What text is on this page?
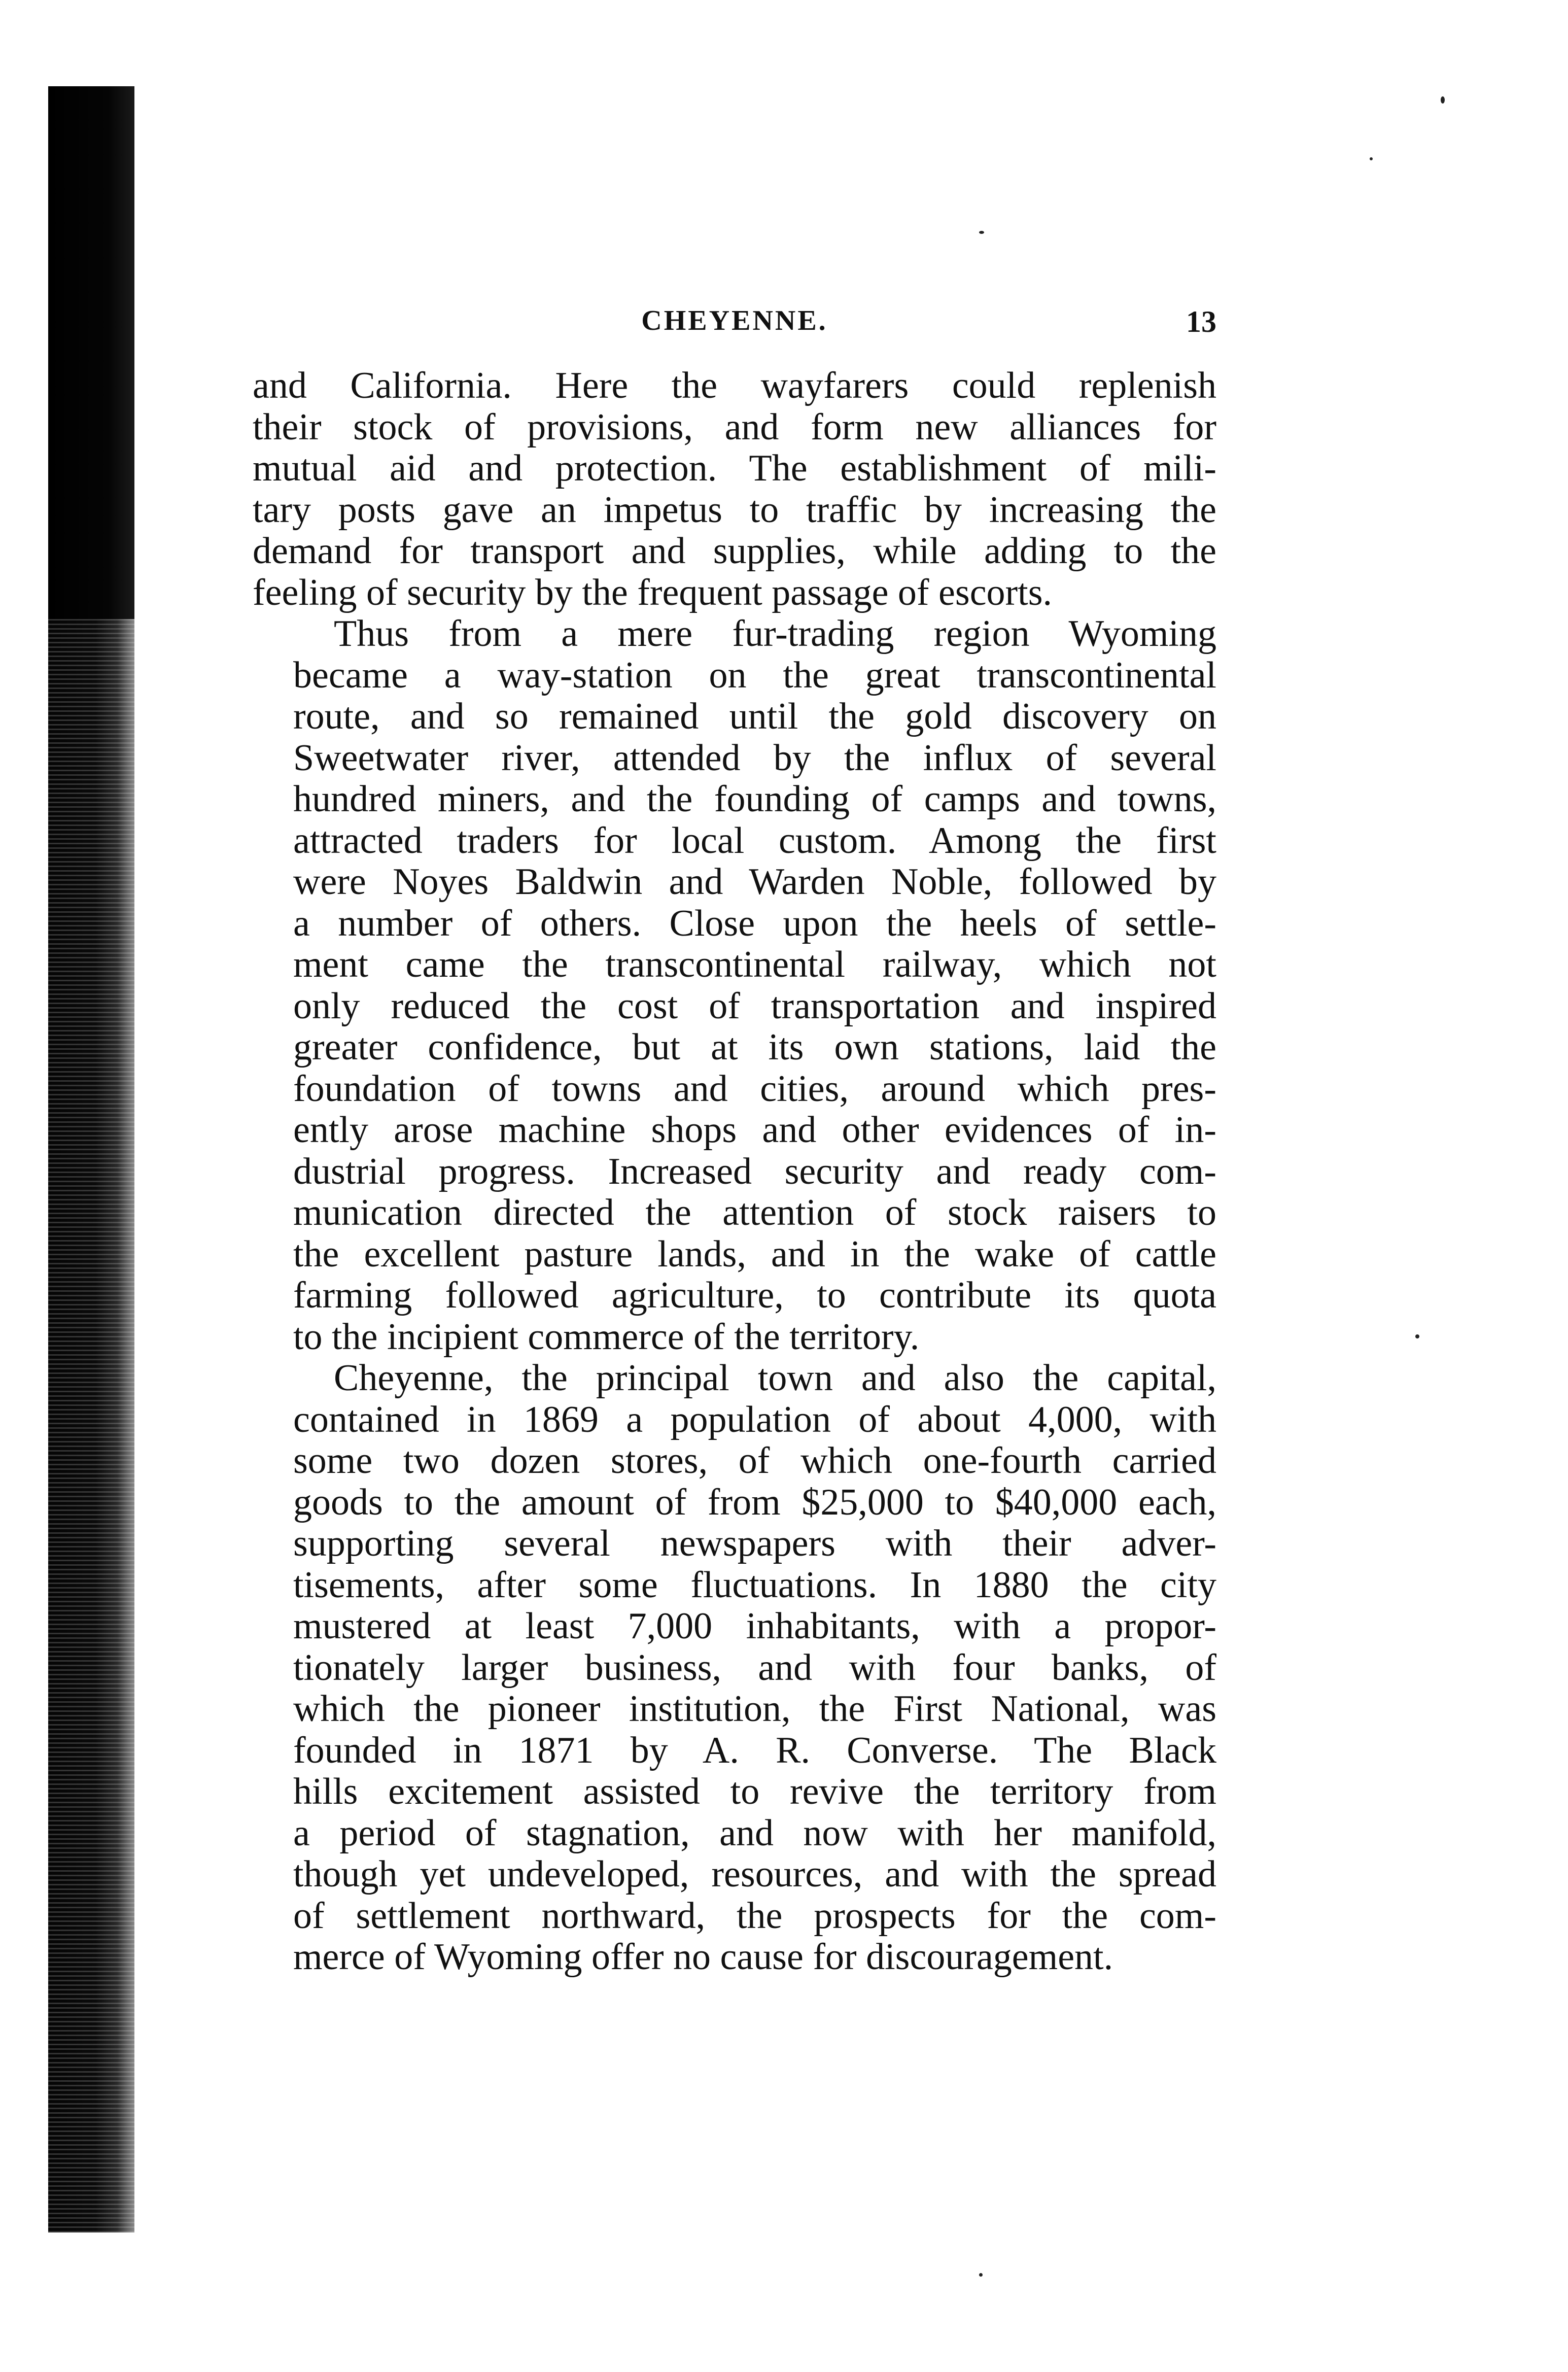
CHEYENNE.	13

and California. Here the wayfarers could replenish
their stock of provisions, and form new alliances for
mutual aid and protection. The establishment of mili-
tary posts gave an impetus to traffic by increasing the
demand for transport and supplies, while adding to the
feeling of security by the frequent passage of escorts.

Thus from a mere fur-trading region Wyoming
became a way-station on the great transcontinental
route, and so remained until the gold discovery on
Sweetwater river, attended by the influx of several
hundred miners, and the founding of camps and towns,
attracted traders for local custom. Among the first
were Noyes Baldwin and Warden Noble, followed by
a number of others. Close upon the heels of settle-
ment came the transcontinental railway, which not
only reduced the cost of transportation and inspired
greater confidence, but at its own stations, laid the
foundation of towns and cities, around which pres-
ently arose machine shops and other evidences of in-
dustrial progress. Increased security and ready com-
munication directed the attention of stock raisers to
the excellent pasture lands, and in the wake of cattle
farming followed agriculture, to contribute its quota
to the incipient commerce of the territory.

Cheyenne, the principal town and also the capital,
contained in 1869 a population of about 4,000, with
some two dozen stores, of which one-fourth carried
goods to the amount of from $25,000 to $40,000 each,
supporting several newspapers with their adver-
tisements, after some fluctuations. In 1880 the city
mustered at least 7,000 inhabitants, with a propor-
tionately larger business, and with four banks, of
which the pioneer institution, the First National, was
founded in 1871 by A. R. Converse. The Black
hills excitement assisted to revive the territory from
a period of stagnation, and now with her manifold,
though yet undeveloped, resources, and with the spread
of settlement northward, the prospects for the com-
merce of Wyoming offer no cause for discouragement.
